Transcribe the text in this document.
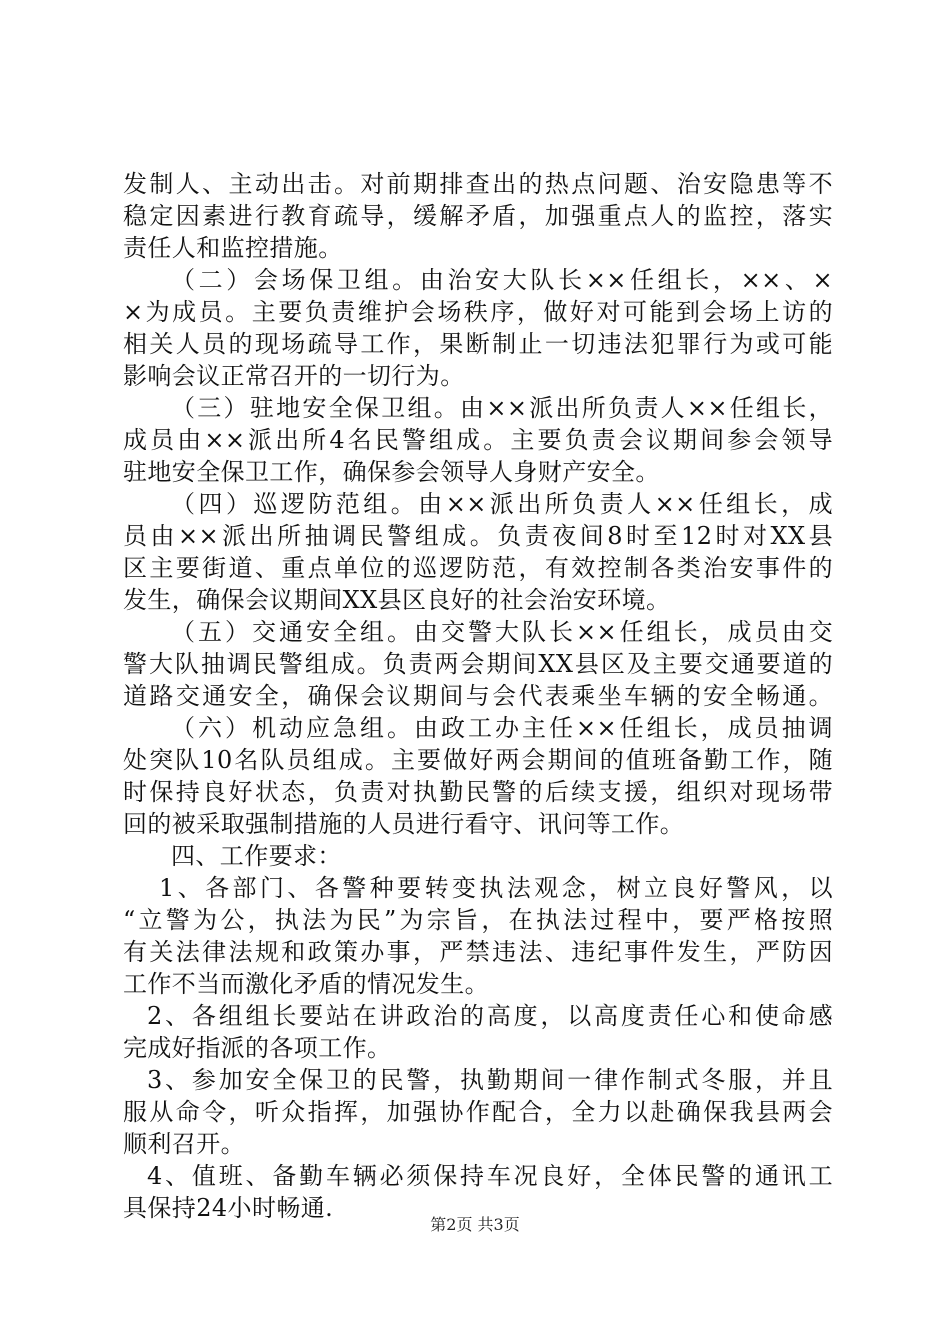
发制人、主动出击。对前期排查出的热点问题、治安隐患等不
稳定因素进行教育疏导，缓解矛盾，加强重点人的监控，落实
责任人和监控措施。
（二）会场保卫组。由治安大队长××任组长，××、×
×为成员。主要负责维护会场秩序，做好对可能到会场上访的
相关人员的现场疏导工作，果断制止一切违法犯罪行为或可能
影响会议正常召开的一切行为。
（三）驻地安全保卫组。由××派出所负责人××任组长，
成员由××派出所4名民警组成。主要负责会议期间参会领导
驻地安全保卫工作，确保参会领导人身财产安全。
（四）巡逻防范组。由××派出所负责人××任组长，成
员由××派出所抽调民警组成。负责夜间8时至12时对XX县
区主要街道、重点单位的巡逻防范，有效控制各类治安事件的
发生，确保会议期间XX县区良好的社会治安环境。
（五）交通安全组。由交警大队长××任组长，成员由交
警大队抽调民警组成。负责两会期间XX县区及主要交通要道的
道路交通安全，确保会议期间与会代表乘坐车辆的安全畅通。
（六）机动应急组。由政工办主任××任组长，成员抽调
处突队10名队员组成。主要做好两会期间的值班备勤工作，随
时保持良好状态，负责对执勤民警的后续支援，组织对现场带
回的被采取强制措施的人员进行看守、讯问等工作。
四、工作要求：
1、各部门、各警种要转变执法观念，树立良好警风，以
“立警为公，执法为民”为宗旨，在执法过程中，要严格按照
有关法律法规和政策办事，严禁违法、违纪事件发生，严防因
工作不当而激化矛盾的情况发生。
2、各组组长要站在讲政治的高度，以高度责任心和使命感
完成好指派的各项工作。
3、参加安全保卫的民警，执勤期间一律作制式冬服，并且
服从命令，听众指挥，加强协作配合，全力以赴确保我县两会
顺利召开。
4、值班、备勤车辆必须保持车况良好，全体民警的通讯工
具保持24小时畅通.
第2页 共3页
